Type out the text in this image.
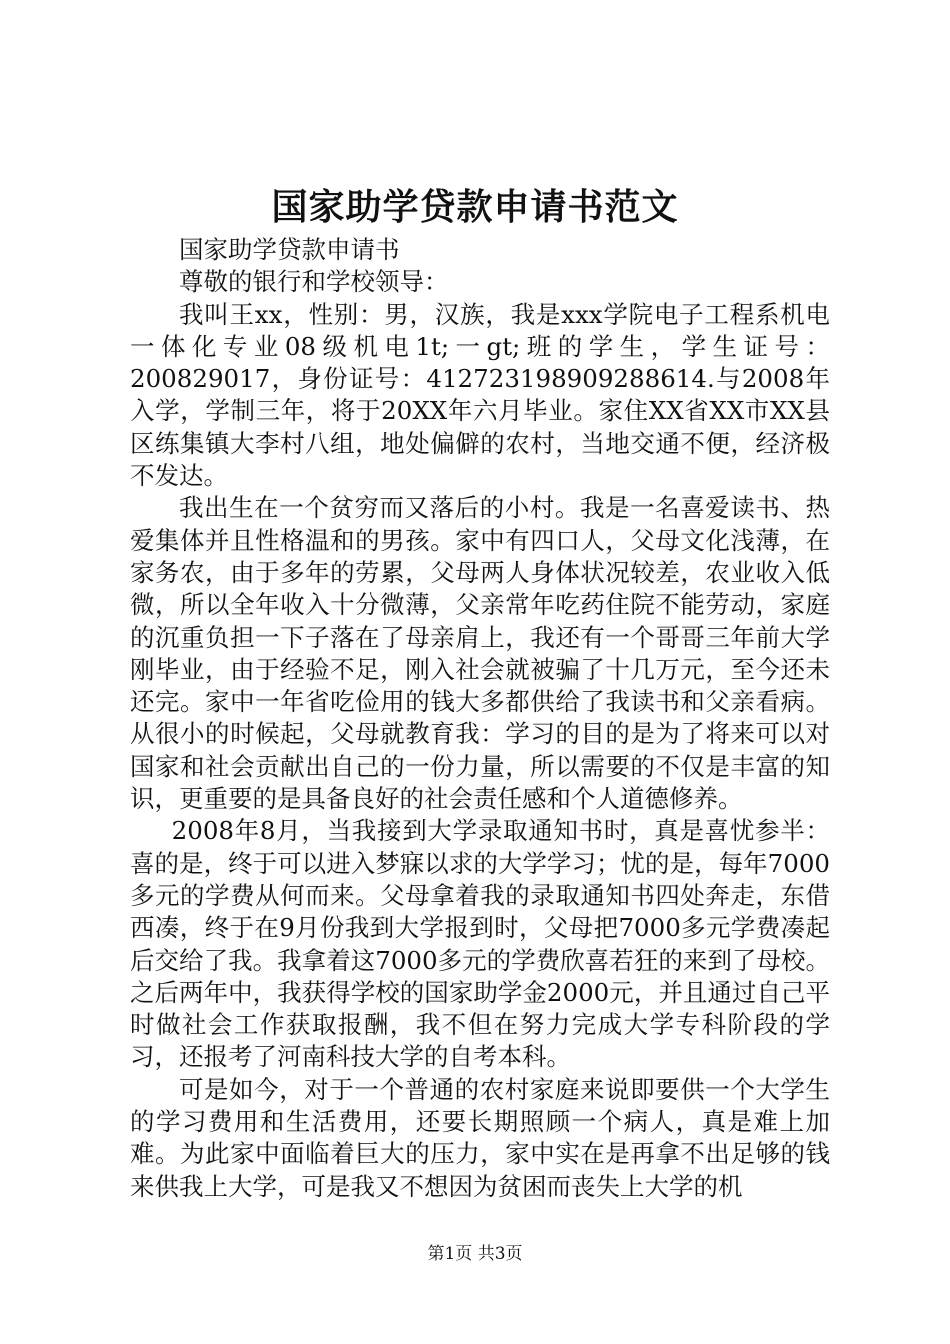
国家助学贷款申请书范文

国家助学贷款申请书

尊敬的银行和学校领导：

我叫王xx，性别：男，汉族，我是xxx学院电子工程系机电一体化专业08级机电1t;一gt;班的学生，学生证号：200829017，身份证号：412723198909288614.与2008年入学，学制三年，将于20XX年六月毕业。家住XX省XX市XX县区练集镇大李村八组，地处偏僻的农村，当地交通不便，经济极不发达。

我出生在一个贫穷而又落后的小村。我是一名喜爱读书、热爱集体并且性格温和的男孩。家中有四口人，父母文化浅薄，在家务农，由于多年的劳累，父母两人身体状况较差，农业收入低微，所以全年收入十分微薄，父亲常年吃药住院不能劳动，家庭的沉重负担一下子落在了母亲肩上，我还有一个哥哥三年前大学刚毕业，由于经验不足，刚入社会就被骗了十几万元，至今还未还完。家中一年省吃俭用的钱大多都供给了我读书和父亲看病。从很小的时候起，父母就教育我：学习的目的是为了将来可以对国家和社会贡献出自己的一份力量，所以需要的不仅是丰富的知识，更重要的是具备良好的社会责任感和个人道德修养。

2008年8月，当我接到大学录取通知书时，真是喜忧参半：喜的是，终于可以进入梦寐以求的大学学习；忧的是，每年7000多元的学费从何而来。父母拿着我的录取通知书四处奔走，东借西凑，终于在9月份我到大学报到时，父母把7000多元学费凑起后交给了我。我拿着这7000多元的学费欣喜若狂的来到了母校。之后两年中，我获得学校的国家助学金2000元，并且通过自己平时做社会工作获取报酬，我不但在努力完成大学专科阶段的学习，还报考了河南科技大学的自考本科。

可是如今，对于一个普通的农村家庭来说即要供一个大学生的学习费用和生活费用，还要长期照顾一个病人，真是难上加难。为此家中面临着巨大的压力，家中实在是再拿不出足够的钱来供我上大学，可是我又不想因为贫困而丧失上大学的机

第1页 共3页
